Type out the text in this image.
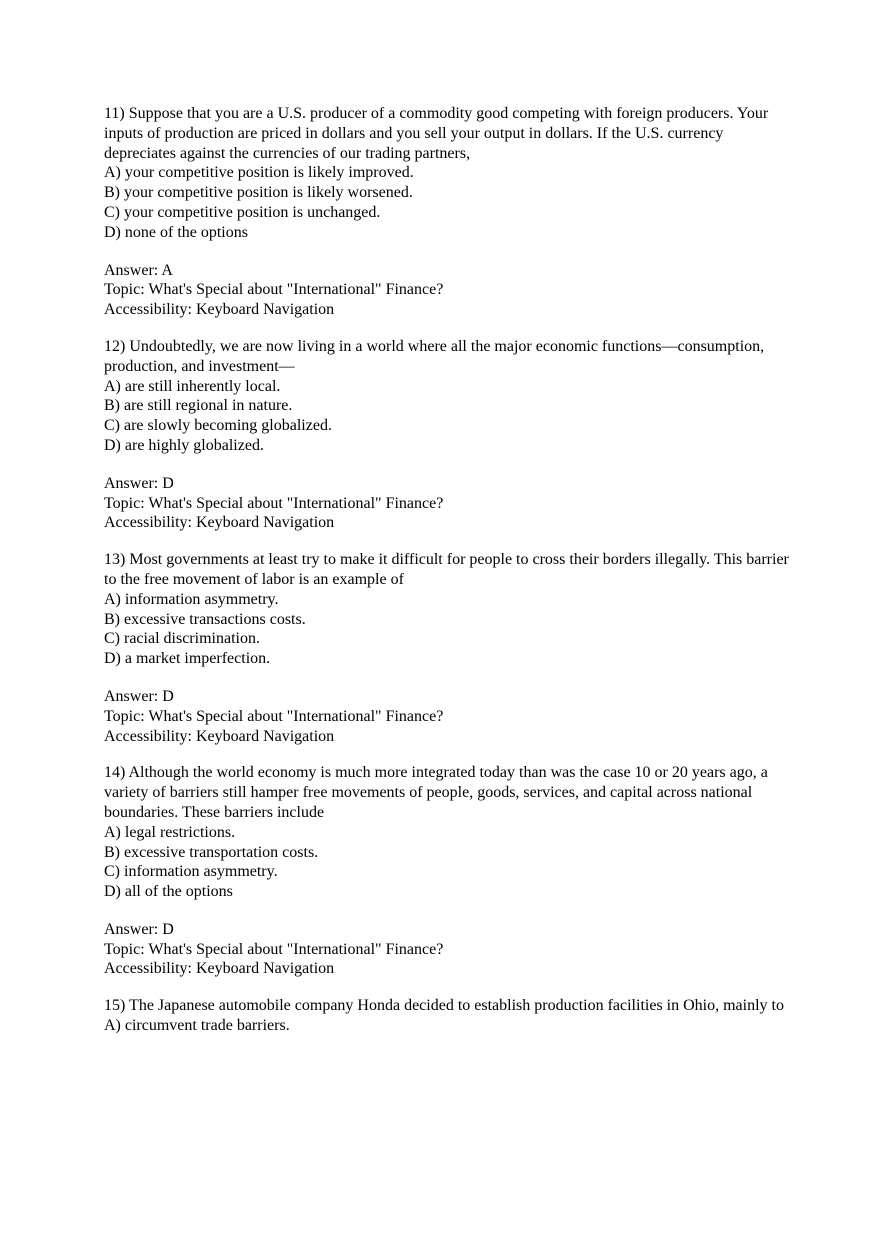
11) Suppose that you are a U.S. producer of a commodity good competing with foreign producers. Your inputs of production are priced in dollars and you sell your output in dollars. If the U.S. currency depreciates against the currencies of our trading partners,

A) your competitive position is likely improved.
B) your competitive position is likely worsened.
C) your competitive position is unchanged.
D) none of the options
Answer: A
Topic: What's Special about "International" Finance?
Accessibility: Keyboard Navigation

12) Undoubtedly, we are now living in a world where all the major economic functions—consumption, production, and investment—

A) are still inherently local.
B) are still regional in nature.
C) are slowly becoming globalized.
D) are highly globalized.
Answer: D
Topic: What's Special about "International" Finance?
Accessibility: Keyboard Navigation

13) Most governments at least try to make it difficult for people to cross their borders illegally. This barrier to the free movement of labor is an example of

A) information asymmetry.
B) excessive transactions costs.
C) racial discrimination.
D) a market imperfection.
Answer: D
Topic: What's Special about "International" Finance?
Accessibility: Keyboard Navigation

14) Although the world economy is much more integrated today than was the case 10 or 20 years ago, a variety of barriers still hamper free movements of people, goods, services, and capital across national boundaries. These barriers include

A) legal restrictions.
B) excessive transportation costs.
C) information asymmetry.
D) all of the options
Answer: D
Topic: What's Special about "International" Finance?
Accessibility: Keyboard Navigation

15) The Japanese automobile company Honda decided to establish production facilities in Ohio, mainly to

A) circumvent trade barriers.
